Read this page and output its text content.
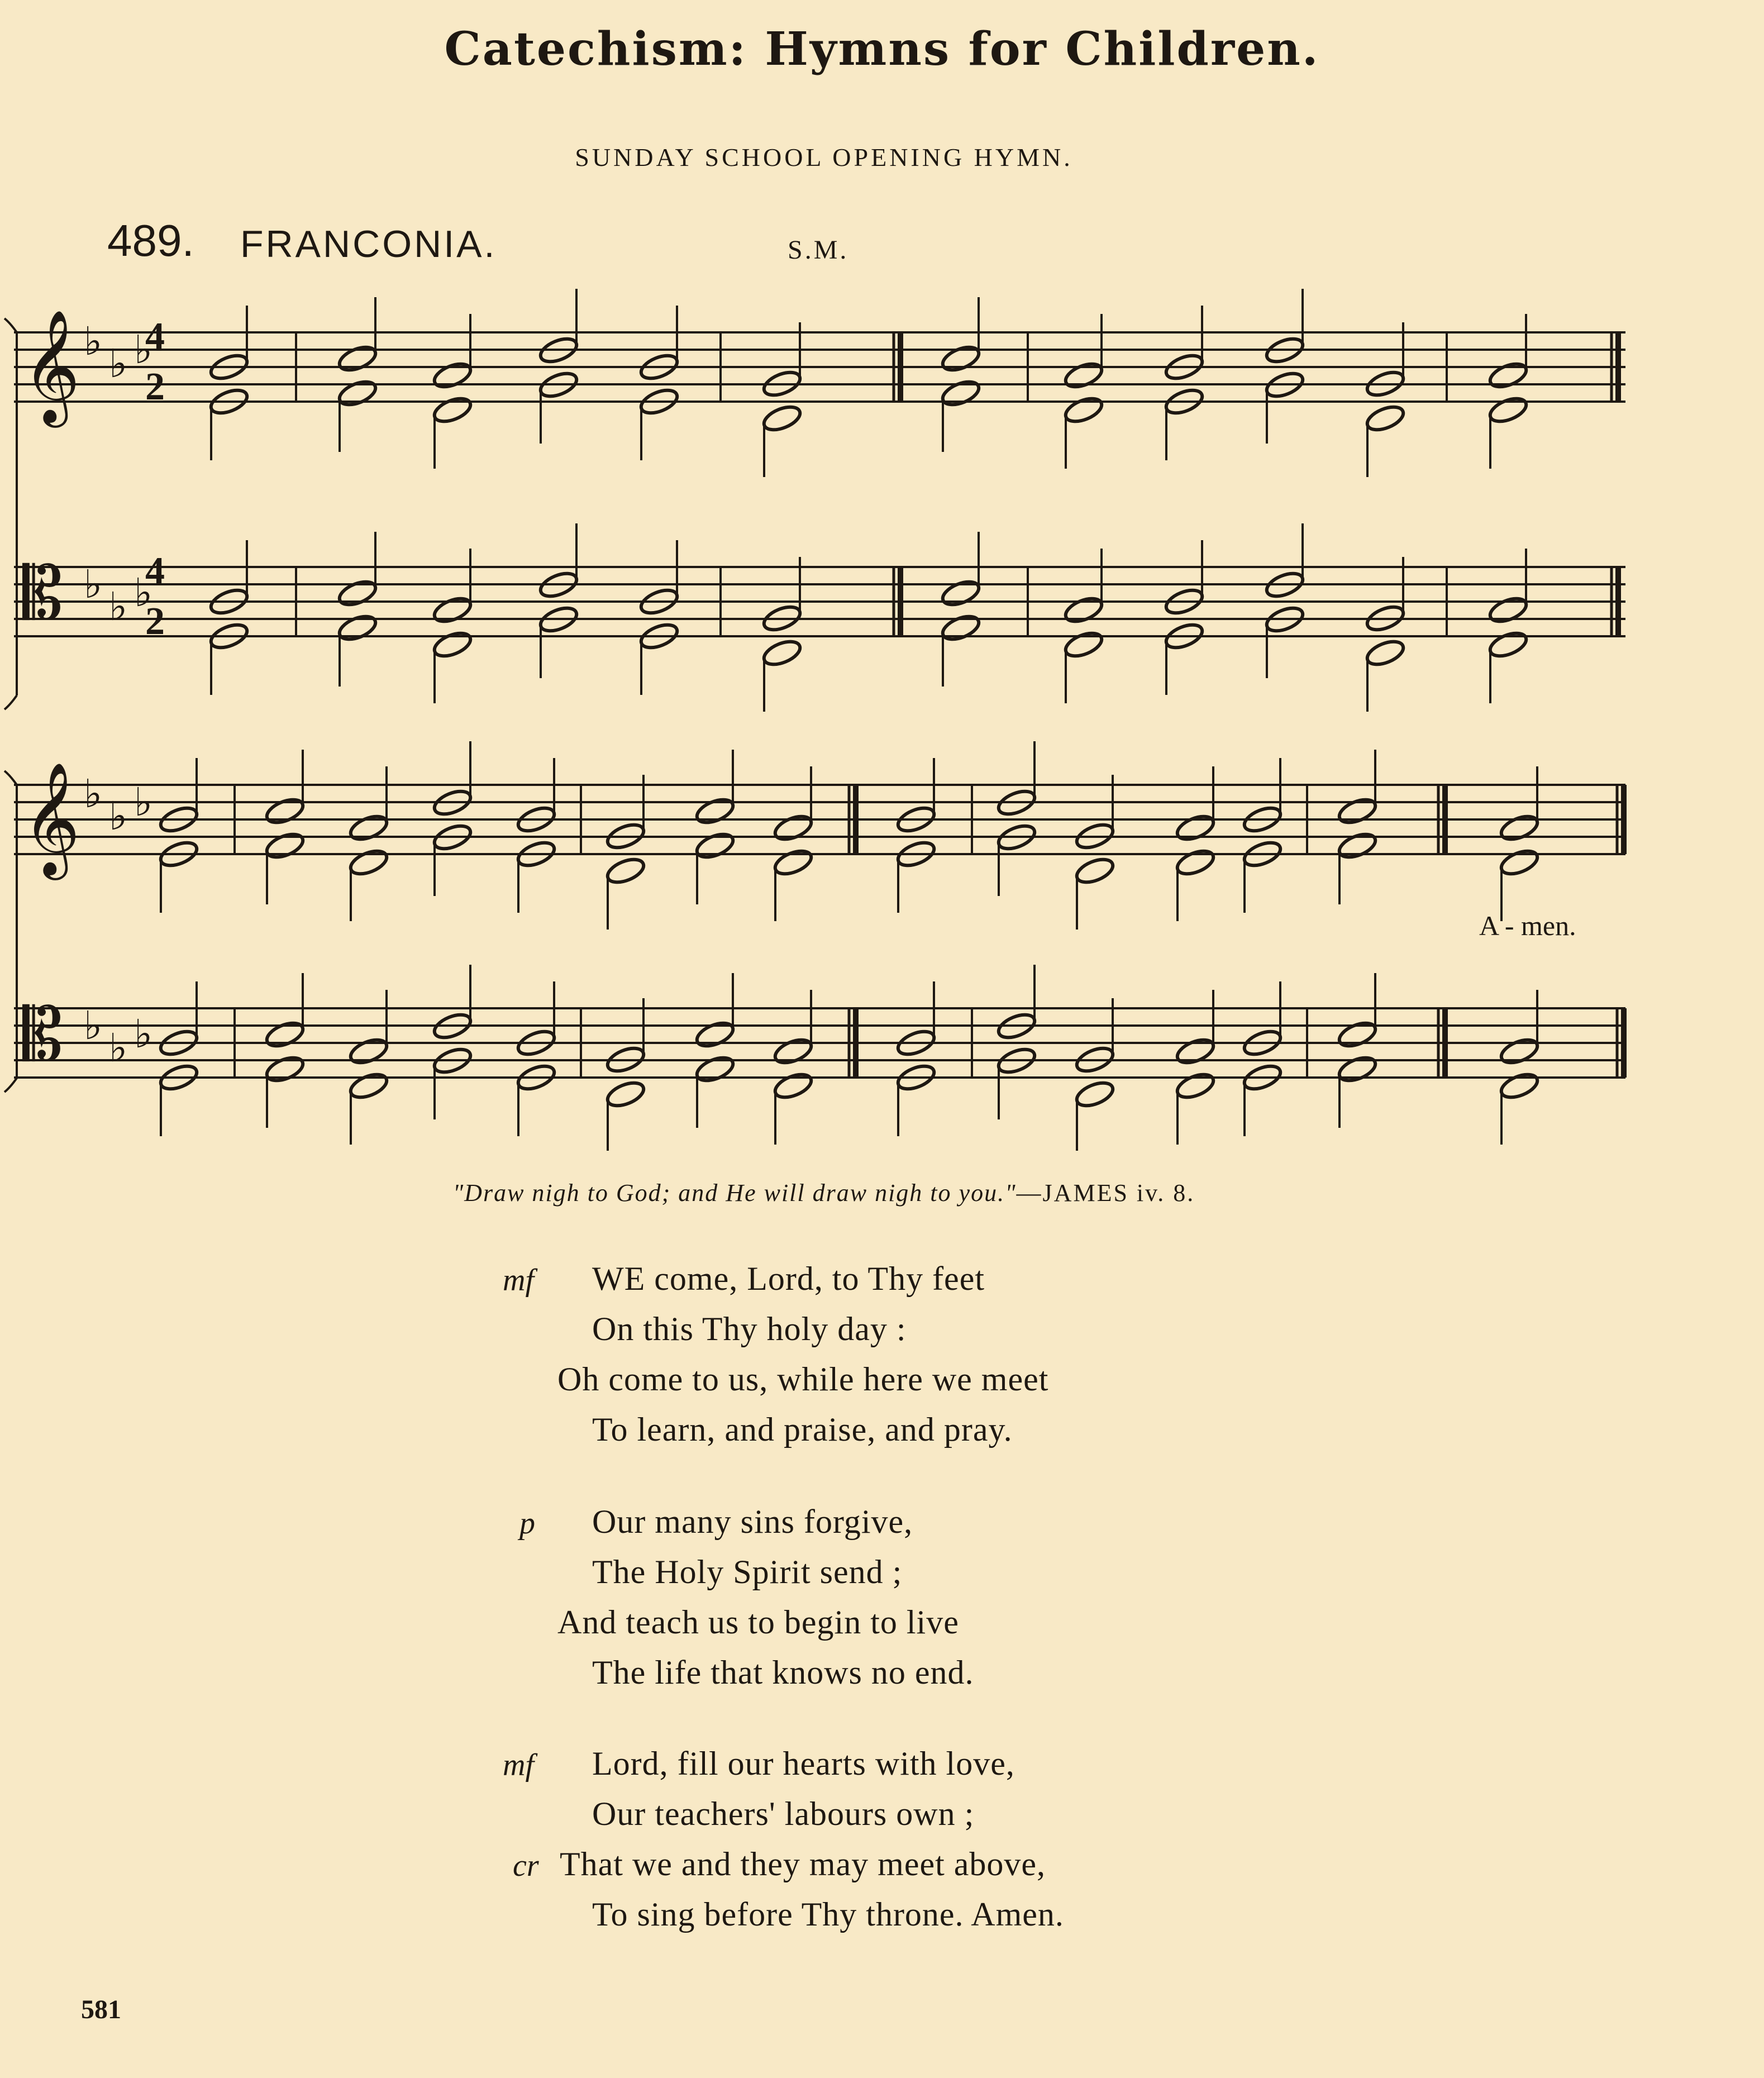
Catechism: Hymns for Children.
SUNDAY SCHOOL OPENING HYMN.
489. FRANCONIA.	S.M.
𝄞 ♭ ♭ ♭
𝄡 ♭ ♭ ♭
𝄞 ♭ ♭ ♭
𝄡 ♭ ♭ ♭
4
2
4
2
A - men.
"Draw nigh to God; and He will draw nigh to you."—JAMES iv. 8.
mf WE come, Lord, to Thy feet
On this Thy holy day :
Oh come to us, while here we meet
To learn, and praise, and pray.
p Our many sins forgive,
The Holy Spirit send ;
And teach us to begin to live
The life that knows no end.
mf Lord, fill our hearts with love,
Our teachers' labours own ;
cr That we and they may meet above,
To sing before Thy throne. Amen.
581
